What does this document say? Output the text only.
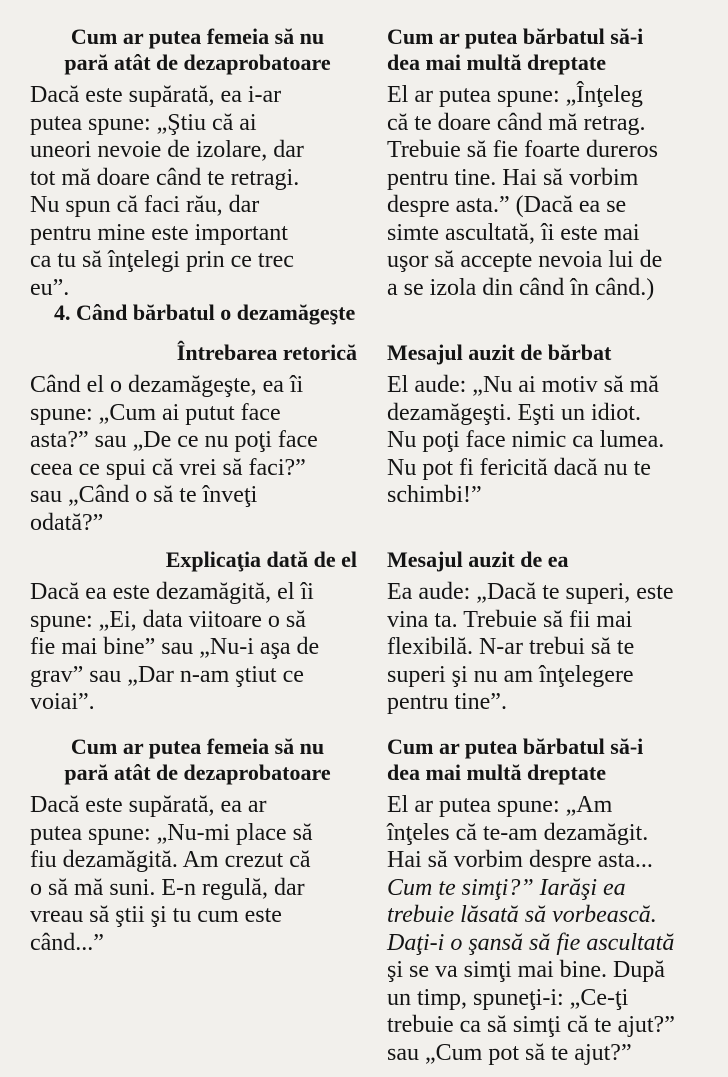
Cum ar putea femeia să nu
pară atât de dezaprobatoare
Dacă este supărată, ea i-ar
putea spune: „Ştiu că ai
uneori nevoie de izolare, dar
tot mă doare când te retragi.
Nu spun că faci rău, dar
pentru mine este important
ca tu să înţelegi prin ce trec
eu”.
Cum ar putea bărbatul să-i
dea mai multă dreptate
El ar putea spune: „Înţeleg
că te doare când mă retrag.
Trebuie să fie foarte dureros
pentru tine. Hai să vorbim
despre asta.” (Dacă ea se
simte ascultată, îi este mai
uşor să accepte nevoia lui de
a se izola din când în când.)
4. Când bărbatul o dezamăgeşte
Întrebarea retorică
Când el o dezamăgeşte, ea îi
spune: „Cum ai putut face
asta?” sau „De ce nu poţi face
ceea ce spui că vrei să faci?”
sau „Când o să te înveţi
odată?”
Mesajul auzit de bărbat
El aude: „Nu ai motiv să mă
dezamăgeşti. Eşti un idiot.
Nu poţi face nimic ca lumea.
Nu pot fi fericită dacă nu te
schimbi!”
Explicaţia dată de el
Dacă ea este dezamăgită, el îi
spune: „Ei, data viitoare o să
fie mai bine” sau „Nu-i aşa de
grav” sau „Dar n-am ştiut ce
voiai”.
Mesajul auzit de ea
Ea aude: „Dacă te superi, este
vina ta. Trebuie să fii mai
flexibilă. N-ar trebui să te
superi şi nu am înţelegere
pentru tine”.
Cum ar putea femeia să nu
pară atât de dezaprobatoare
Dacă este supărată, ea ar
putea spune: „Nu-mi place să
fiu dezamăgită. Am crezut că
o să mă suni. E-n regulă, dar
vreau să ştii şi tu cum este
când...”
Cum ar putea bărbatul să-i
dea mai multă dreptate
El ar putea spune: „Am
înţeles că te-am dezamăgit.
Hai să vorbim despre asta...
Cum te simţi?” Iarăşi ea
trebuie lăsată să vorbească.
Daţi-i o şansă să fie ascultată
şi se va simţi mai bine. După
un timp, spuneţi-i: „Ce-ţi
trebuie ca să simţi că te ajut?”
sau „Cum pot să te ajut?”
